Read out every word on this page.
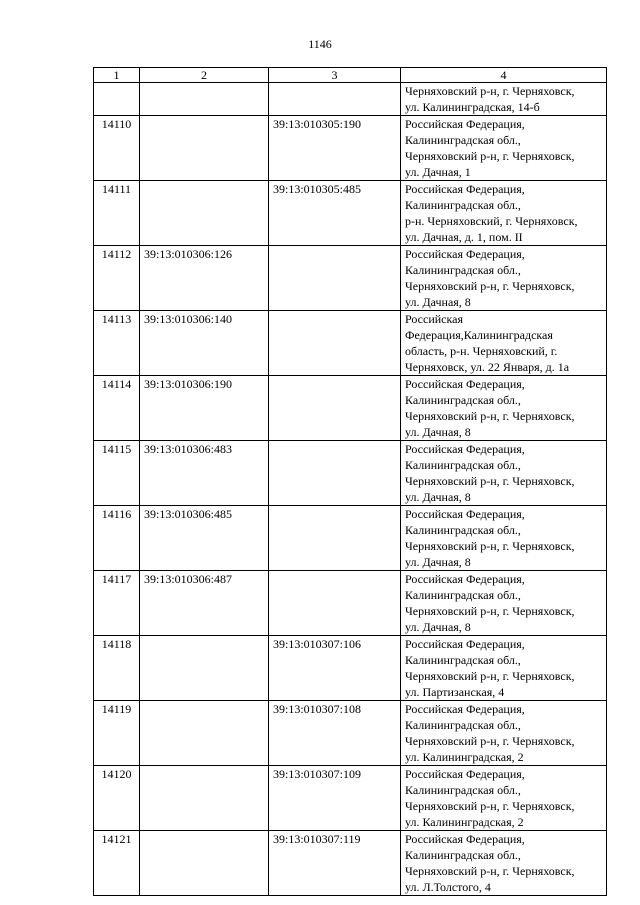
1146
1	2	3	4

			Черняховский р-н, г. Черняховск,
ул. Калининградская, 14-б

14110		39:13:010305:190	Российская Федерация,
Калининградская обл.,
Черняховский р-н, г. Черняховск,
ул. Дачная, 1

14111		39:13:010305:485	Российская Федерация,
Калининградская обл.,
р-н. Черняховский, г. Черняховск,
ул. Дачная, д. 1, пом. II

14112	39:13:010306:126		Российская Федерация,
Калининградская обл.,
Черняховский р-н, г. Черняховск,
ул. Дачная, 8

14113	39:13:010306:140		Российская
Федерация,Калининградская
область, р-н. Черняховский, г.
Черняховск, ул. 22 Января, д. 1а

14114	39:13:010306:190		Российская Федерация,
Калининградская обл.,
Черняховский р-н, г. Черняховск,
ул. Дачная, 8

14115	39:13:010306:483		Российская Федерация,
Калининградская обл.,
Черняховский р-н, г. Черняховск,
ул. Дачная, 8

14116	39:13:010306:485		Российская Федерация,
Калининградская обл.,
Черняховский р-н, г. Черняховск,
ул. Дачная, 8

14117	39:13:010306:487		Российская Федерация,
Калининградская обл.,
Черняховский р-н, г. Черняховск,
ул. Дачная, 8

14118		39:13:010307:106	Российская Федерация,
Калининградская обл.,
Черняховский р-н, г. Черняховск,
ул. Партизанская, 4

14119		39:13:010307:108	Российская Федерация,
Калининградская обл.,
Черняховский р-н, г. Черняховск,
ул. Калининградская, 2

14120		39:13:010307:109	Российская Федерация,
Калининградская обл.,
Черняховский р-н, г. Черняховск,
ул. Калининградская, 2

14121		39:13:010307:119	Российская Федерация,
Калининградская обл.,
Черняховский р-н, г. Черняховск,
ул. Л.Толстого, 4
